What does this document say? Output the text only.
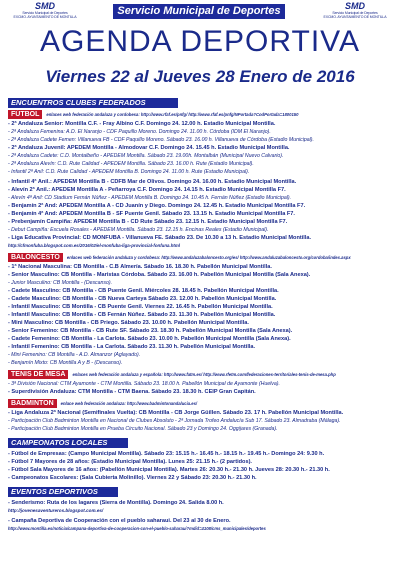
SMD
Servicio Municipal de Deportes
EXCMO. AYUNTAMIENTO DE MONTILLA	Servicio Municipal de Deportes	SMD
Servicio Municipal de Deportes
EXCMO. AYUNTAMIENTO DE MONTILLA
AGENDA DEPORTIVA
Viernes 22 al Jueves 28 Enero de 2016
ENCUENTROS CLUBES FEDERADOS
FÚTBOL enlaces web federación andaluza y cordobesa: http://www.rfaf.es/pnfg/ http://www.rfaf.es/pnfg/NPortada?CodPortada=1800150
- 2ª Andaluza Senior: Montilla C.F. - Fray Albino C.F. Domingo 24. 12.00 h. Estadio Municipal Montilla.
- 2ª Andaluza Femenina: A.D. El Naranjo - CDF Paquillo Moreno. Domingo 24. 11.00 h. Córdoba (IDM El Naranjo).
- 2ª Andaluza Cadete Femen: Villanueva FB - CDF Paquillo Moreno. Sábado 23. 16.00 h. Villanueva de Córdoba (Estadio Municipal).
- 2ª Andaluza Juvenil: APEDEM Montilla - Almodovar C.F. Domingo 24. 15.45 h. Estadio Municipal Montilla.
- 2ª Andaluza Cadete: C.D. Montalbeño - APEDEM Montilla. Sábado 23. 19.00h. Montalbán (Municipal Nuevo Calvario).
- 2ª Andaluza Alevín: C.D. Rute Calidad - APEDEM Montilla. Sábado 23. 16.00 h. Rute (Estadio Municipal).
- Infantil 2ª Anil: C.D. Rute Calidad - APEDEM Montilla B. Domingo 24. 11.00 h. Rute (Estadio Municipal).
- Infantil 4ª Anil.: APEDEM Montilla B - CDFB Mar de Olivos. Domingo 24. 16.00 h. Estadio Municipal Montilla.
- Alevín 2ª Anil.: APEDEM Montilla A - Peñarroya C.F. Domingo 24. 14.15 h. Estadio Municipal Montilla F7.
- Alevín 4ª Anil: CD Stadium Fernán Núñez - APEDEM Montilla B. Domingo 24. 10.45 h. Fernán Núñez (Estadio Municipal).
- Benjamín 2ª And: APEDEM Montilla A - CD Juanín y Diego. Domingo 24. 12.45 h. Estadio Municipal Montilla F7.
- Benjamín 4ª And: APEDEM Montilla B - SF Puente Genil. Sábado 23. 13.15 h. Estadio Municipal Montilla F7.
- Prebenjamín Campiña: APEDEM Montilla B - CD Rute Sábado 23. 12.15 h. Estadio Municipal Montilla F7.
- Debut Campiña: Escuela Rosales - APEDEM Montilla. Sábado 23. 12.15 h. Encinas Reales (Estadio Municipal).
- Liga Educativa Provincial: CD MONFUBA - Villanueva FE. Sábado 23. De 10.30 a 13 h. Estadio Municipal Montilla.
http://cfmonfuba.blogspot.com.es/2016/02/el-monfuba-liga-provincial-fonfuna.html
BALONCESTO enlaces web federación andaluza y cordobesa: http://www.andaluzabaloncesto.org/es/ http://www.andaluzabaloncesto.org/cordoba/index.aspx
- 1ª Nacional Masculina: CB Montilla - C.B Almería. Sábado 16. 18.30 h. Pabellón Municipal Montilla.
- Senior Masculino: CB Montilla - Maristas Córdoba. Sábado 23. 16.00 h. Pabellón Municipal Montilla (Sala Anexa).
- Junior Masculino: CB Montilla - (Descanso).
- Cadete Masculino: CB Montilla - CB Puente Genil. Miércoles 28. 18.45 h. Pabellón Municipal Montilla.
- Cadete Masculino: CB Montilla - CB Nueva Carteya Sábado 23. 12.00 h. Pabellón Municipal Montilla.
- Infantil Masculino: CB Montilla - CB Puente Genil. Viernes 22. 16.45 h. Pabellón Municipal Montilla.
- Infantil Masculino: CB Montilla - CB Fernán Núñez. Sábado 23. 11.30 h. Pabellón Municipal Montilla.
- Mini Masculino: CB Montilla - CB Priego. Sábado 23. 10.00 h. Pabellón Municipal Montilla.
- Senior Femenino: CB Montilla - CB Rute SF. Sábado 23. 18.30 h. Pabellón Municipal Montilla (Sala Anexa).
- Cadete Femenino: CB Montilla - La Carlota. Sábado 23. 10.00 h. Pabellón Municipal Montilla (Sala Anexa).
- Infantil Femenino: CB Montilla - La Carlota. Sábado 23. 11.30 h. Pabellón Municipal Montilla.
- Mini Femenino: CB Montilla - A.D. Almanzor (Aglayado).
- Benjamín Mixto: CB Montilla A y B - (Descanso).
TENIS DE MESA enlaces web federación andaluza y española: http://www.fatm.es/ http://www.rfetm.com/federaciones-territoriales-tenis-de-mesa.php
- 3ª División Nacional: CTM Ayamonte - CTM Montilla. Sábado 23. 18.00 h. Pabellón Municipal de Ayamonte (Huelva).
- Superdivisión Andaluza: CTM Montilla - CTM Baena. Sábado 23. 18.30 h. CEIP Gran Capitán.
BADMINTON enlace web federación andaluza: http://www.badmintonandalucia.es/
- Liga Andaluza 2ª Nacional (Semifinales Vuelta): CB Montilla - CB Jorge Güillen. Sábado 23. 17 h. Pabellón Municipal Montilla.
- Participación Club Badminton Montilla en Nacional de Clubes Absoluto - 2ª Jornada Trofeo Andalucía Sub 17. Sábado 23. Almadraba (Málaga).
- Participación Club Badminton Montilla en Prueba Circuito Nacional. Sábado 23 y Domingo 24. Oggijares (Granada).
CAMPEONATOS LOCALES
- Fútbol de Empresas: (Campo Municipal Montilla). Sábado 23: 15.15 h.- 16.45 h.- 18.15 h.- 19.45 h.- Domingo 24: 9.30 h.
- Fútbol 7 Mayores de 28 años: (Estadio Municipal Montilla). Lunes 25: 21.15 h.- (2 partidos).
- Fútbol Sala Mayores de 16 años: (Pabellón Municipal Montilla). Martes 26: 20.30 h.- 21.30 h. Jueves 28: 20.30 h.- 21.30 h.
- Campeonatos Escolares: (Sala Cubierta Molinillo). Viernes 22 y Sábado 23: 20.30 h.- 21.30 h.
EVENTOS DEPORTIVOS
- Senderismo: Ruta de los lagares (Sierra de Montilla). Domingo 24. Salida 8.00 h.
http://jovenesaventureros.blogspot.com.es/
- Campaña Deportiva de Cooperación con el pueblo saharaui. Del 23 al 30 de Enero.
http://www.montilla.es/noticia/campana-deportiva-de-cooperacion-con-el-pueblo-saharaui?mdid=4108/cms_municipales/deportes
